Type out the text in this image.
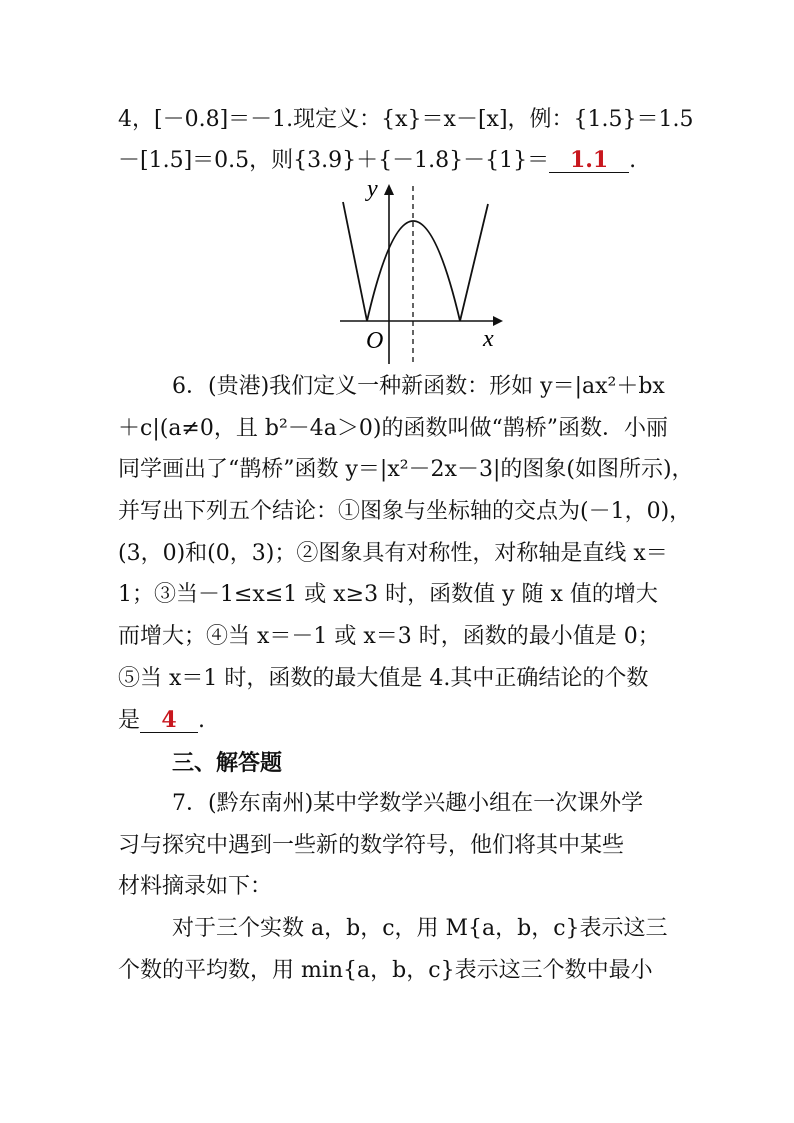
4，[－0.8]＝－1.现定义：{x}＝x－[x]，例：{1.5}＝1.5
－[1.5]＝0.5，则{3.9}＋{－1.8}－{1}＝ 1.1 .
y
x
O
6．(贵港)我们定义一种新函数：形如 y＝|ax²＋bx
＋c|(a≠0，且 b²－4a＞0)的函数叫做“鹊桥”函数．小丽
同学画出了“鹊桥”函数 y＝|x²－2x－3|的图象(如图所示)，
并写出下列五个结论：①图象与坐标轴的交点为(－1，0)，
(3，0)和(0，3)；②图象具有对称性，对称轴是直线 x＝
1；③当－1≤x≤1 或 x≥3 时，函数值 y 随 x 值的增大
而增大；④当 x＝－1 或 x＝3 时，函数的最小值是 0；
⑤当 x＝1 时，函数的最大值是 4.其中正确结论的个数
是 4 .
三、解答题
7．(黔东南州)某中学数学兴趣小组在一次课外学
习与探究中遇到一些新的数学符号，他们将其中某些
材料摘录如下：
对于三个实数 a，b，c，用 M{a，b，c}表示这三
个数的平均数，用 min{a，b，c}表示这三个数中最小
